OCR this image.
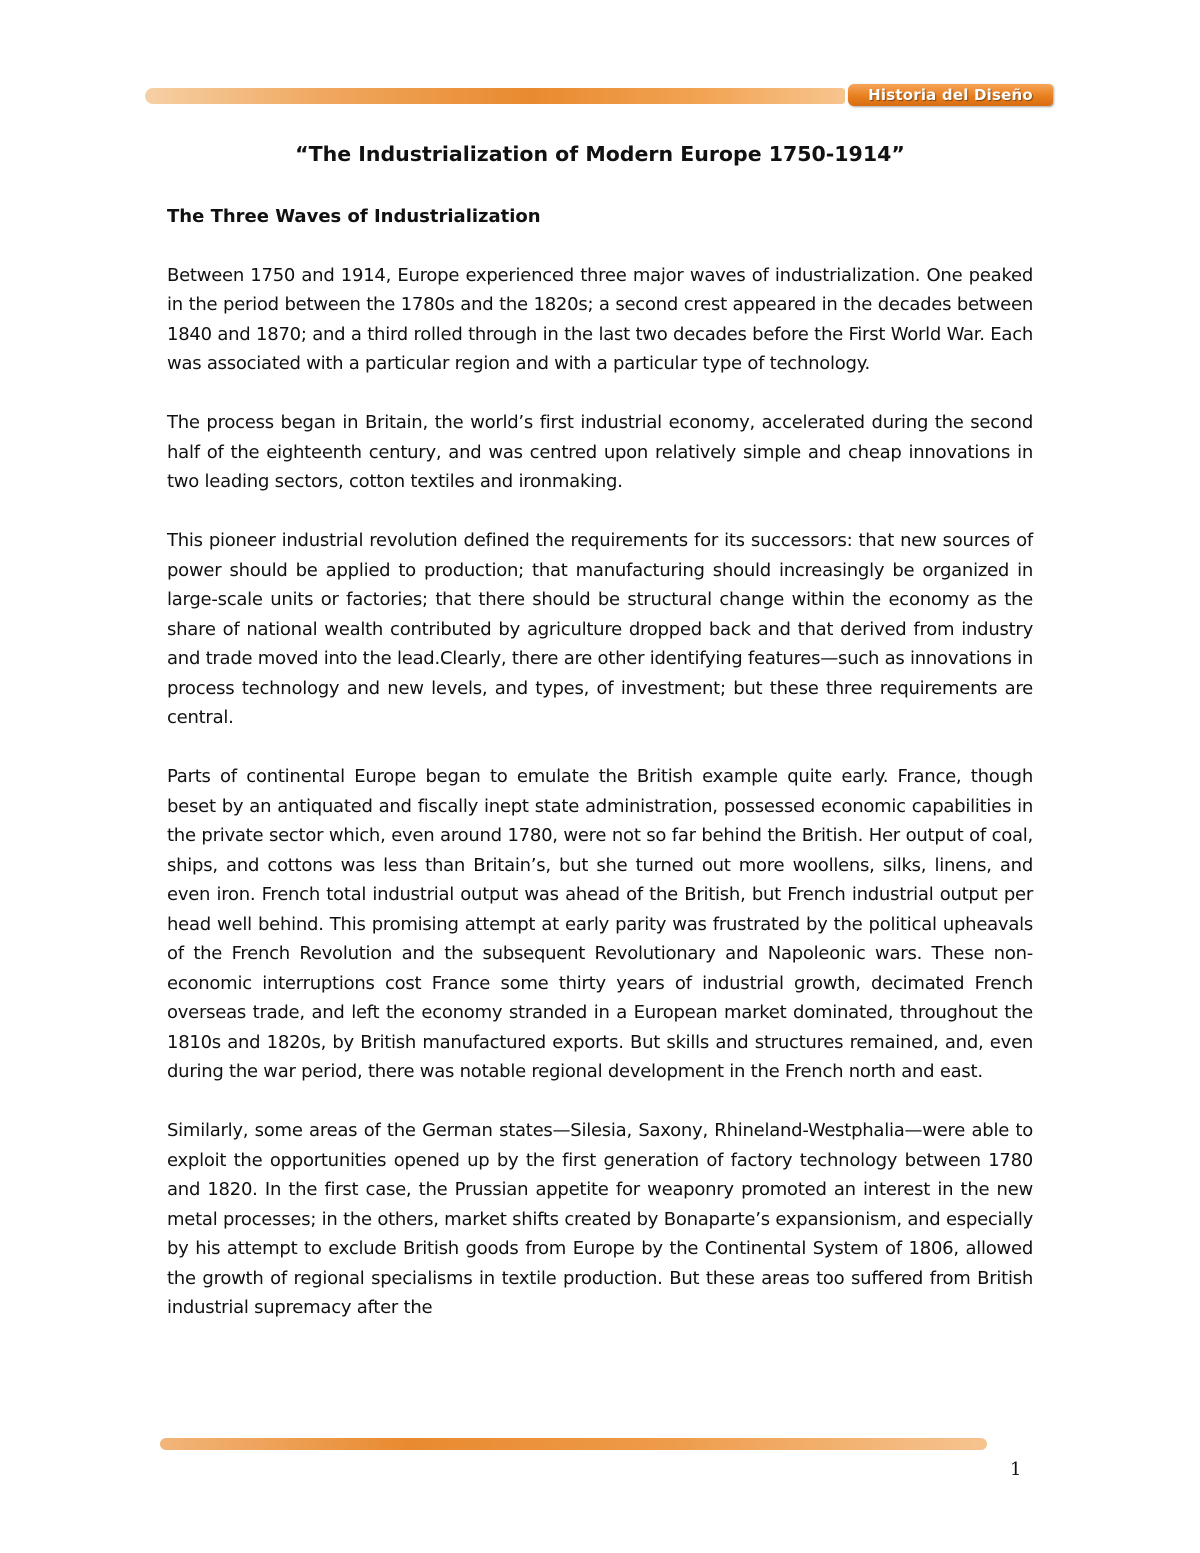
Historia del Diseño
“The Industrialization of Modern Europe 1750-1914”

The Three Waves of Industrialization

Between 1750 and 1914, Europe experienced three major waves of industrialization. One peaked in the period between the 1780s and the 1820s; a second crest appeared in the decades between 1840 and 1870; and a third rolled through in the last two decades before the First World War. Each was associated with a particular region and with a particular type of technology.

The process began in Britain, the world’s first industrial economy, accelerated during the second half of the eighteenth century, and was centred upon relatively simple and cheap innovations in two leading sectors, cotton textiles and ironmaking.

This pioneer industrial revolution defined the requirements for its successors: that new sources of power should be applied to production; that manufacturing should increasingly be organized in large-scale units or factories; that there should be structural change within the economy as the share of national wealth contributed by agriculture dropped back and that derived from industry and trade moved into the lead.Clearly, there are other identifying features—such as innovations in process technology and new levels, and types, of investment; but these three requirements are central.

Parts of continental Europe began to emulate the British example quite early. France, though beset by an antiquated and fiscally inept state administration, possessed economic capabilities in the private sector which, even around 1780, were not so far behind the British. Her output of coal, ships, and cottons was less than Britain’s, but she turned out more woollens, silks, linens, and even iron. French total industrial output was ahead of the British, but French industrial output per head well behind. This promising attempt at early parity was frustrated by the political upheavals of the French Revolution and the subsequent Revolutionary and Napoleonic wars. These non-economic interruptions cost France some thirty years of industrial growth, decimated French overseas trade, and left the economy stranded in a European market dominated, throughout the 1810s and 1820s, by British manufactured exports. But skills and structures remained, and, even during the war period, there was notable regional development in the French north and east.

Similarly, some areas of the German states—Silesia, Saxony, Rhineland-Westphalia—were able to exploit the opportunities opened up by the first generation of factory technology between 1780 and 1820. In the first case, the Prussian appetite for weaponry promoted an interest in the new metal processes; in the others, market shifts created by Bonaparte’s expansionism, and especially by his attempt to exclude British goods from Europe by the Continental System of 1806, allowed the growth of regional specialisms in textile production. But these areas too suffered from British industrial supremacy after the

1
